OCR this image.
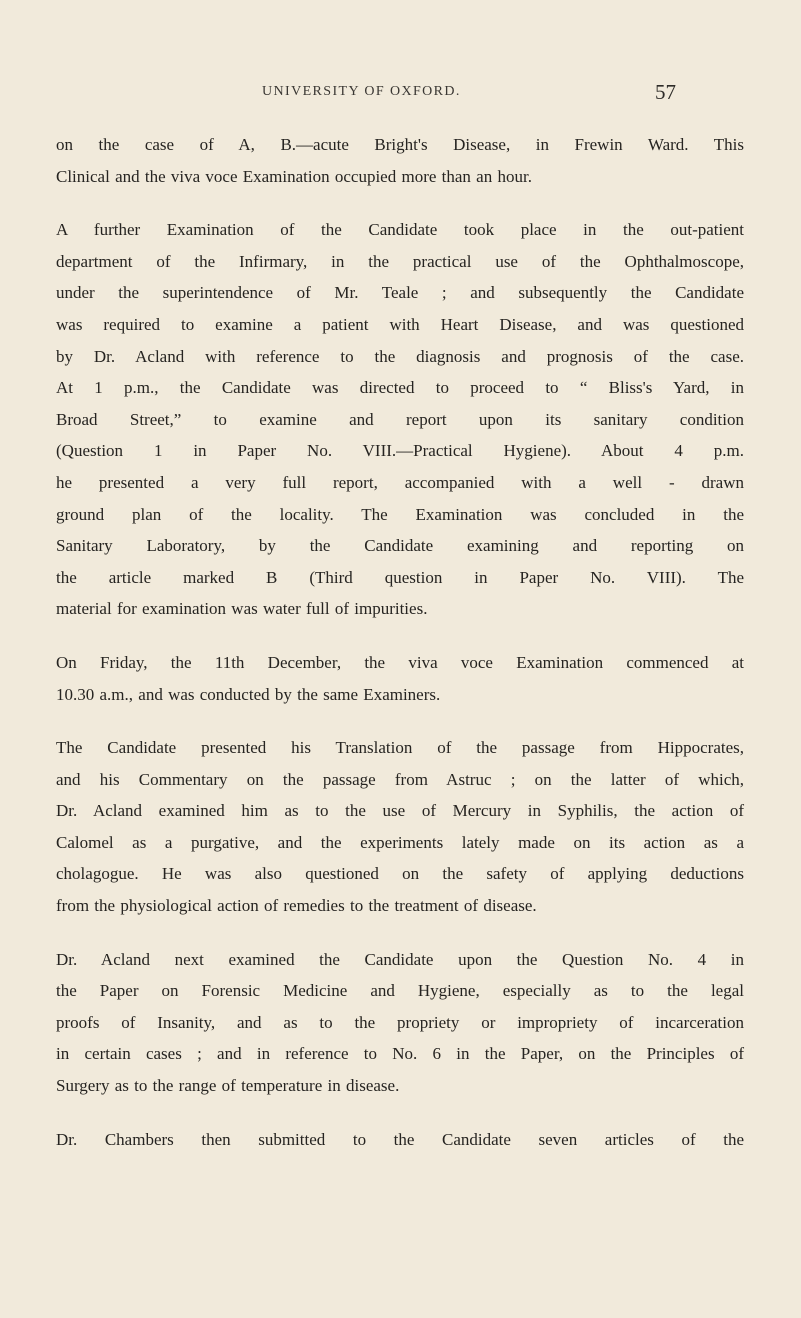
UNIVERSITY OF OXFORD.	57

on the case of A, B.—acute Bright's Disease, in Frewin Ward. This

Clinical and the viva voce Examination occupied more than an hour.

A further Examination of the Candidate took place in the out-patient

department of the Infirmary, in the practical use of the Ophthalmoscope,

under the superintendence of Mr. Teale ; and subsequently the Candidate

was required to examine a patient with Heart Disease, and was questioned

by Dr. Acland with reference to the diagnosis and prognosis of the case.

At 1 p.m., the Candidate was directed to proceed to “ Bliss's Yard, in

Broad Street,” to examine and report upon its sanitary condition

(Question 1 in Paper No. VIII.—Practical Hygiene). About 4 p.m.

he presented a very full report, accompanied with a well - drawn

ground plan of the locality. The Examination was concluded in the

Sanitary Laboratory, by the Candidate examining and reporting on

the article marked B (Third question in Paper No. VIII). The

material for examination was water full of impurities.

On Friday, the 11th December, the viva voce Examination commenced at

10.30 a.m., and was conducted by the same Examiners.

The Candidate presented his Translation of the passage from Hippocrates,

and his Commentary on the passage from Astruc ; on the latter of which,

Dr. Acland examined him as to the use of Mercury in Syphilis, the action of

Calomel as a purgative, and the experiments lately made on its action as a

cholagogue. He was also questioned on the safety of applying deductions

from the physiological action of remedies to the treatment of disease.

Dr. Acland next examined the Candidate upon the Question No. 4 in

the Paper on Forensic Medicine and Hygiene, especially as to the legal

proofs of Insanity, and as to the propriety or impropriety of incarceration

in certain cases ; and in reference to No. 6 in the Paper, on the Principles of

Surgery as to the range of temperature in disease.

Dr. Chambers then submitted to the Candidate seven articles of the
